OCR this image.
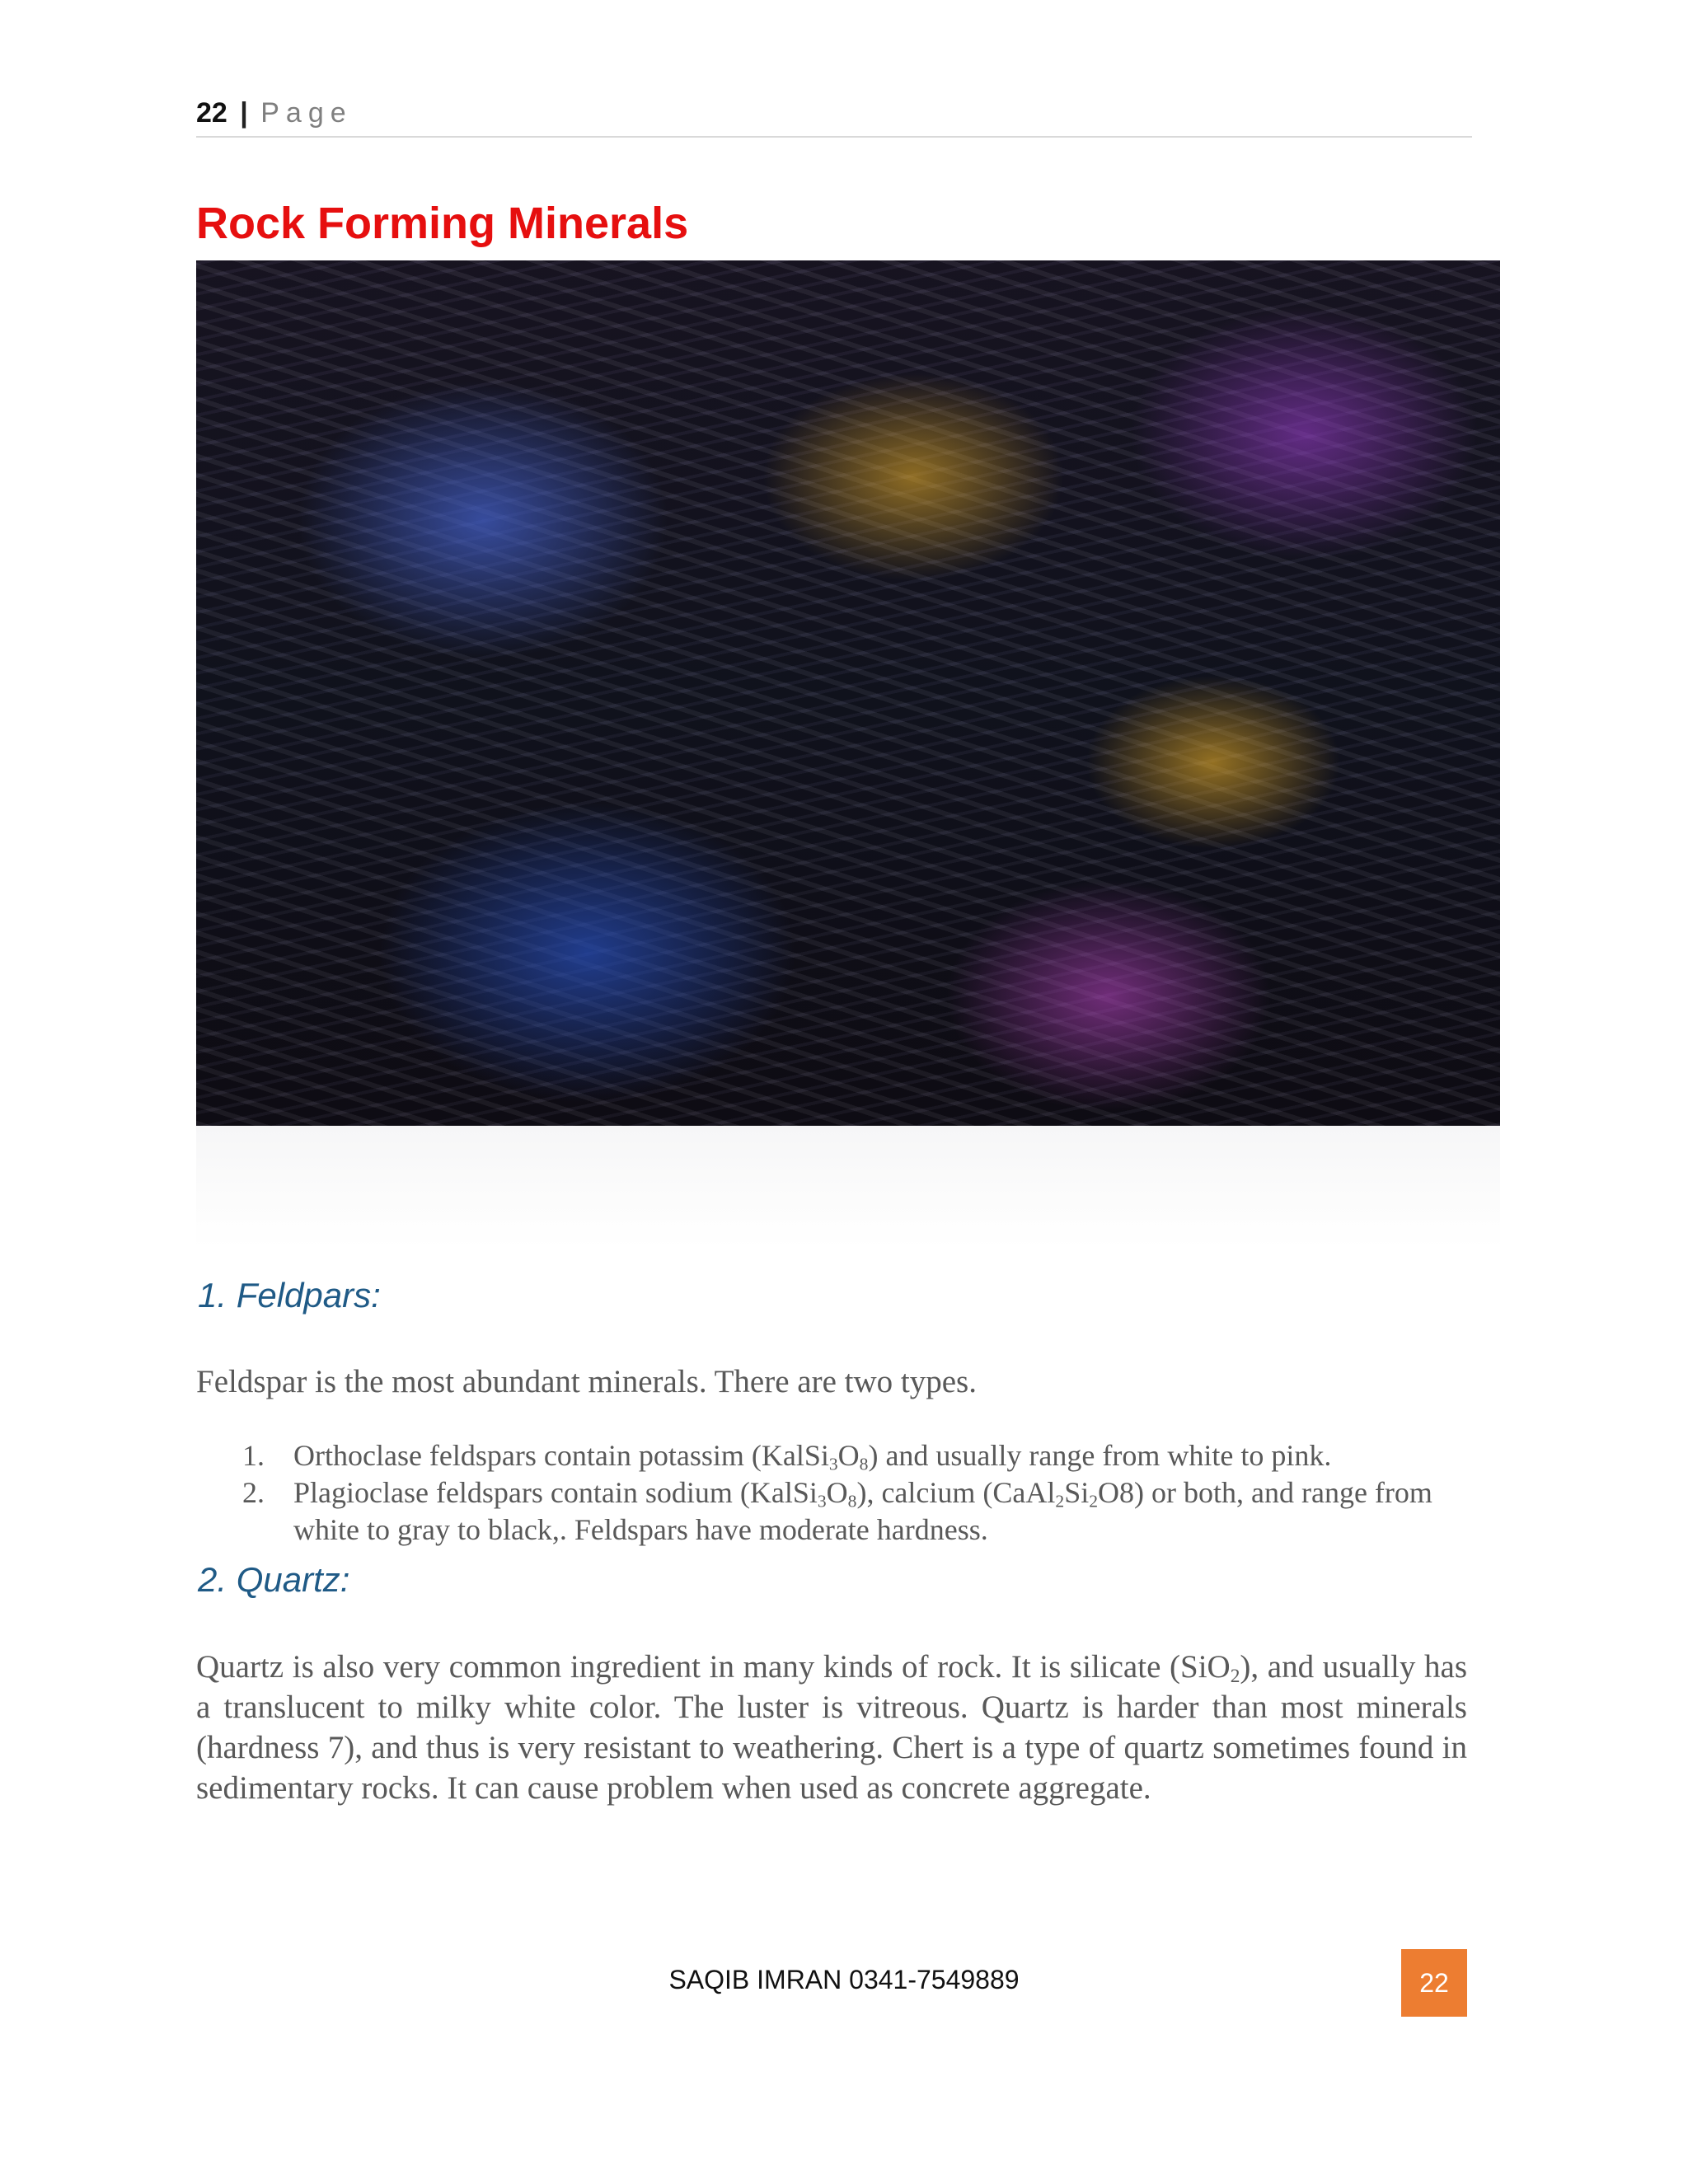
22 | Page
Rock Forming Minerals
1. Feldpars:

Feldspar is the most abundant minerals. There are two types.

1. Orthoclase feldspars contain potassim $(KalSi_3O_8)$ and usually range from white to pink.
2. Plagioclase feldspars contain sodium $(KalSi_3O_8)$, calcium $(CaAl_2Si_2O8)$ or both, and range from white to gray to black,. Feldspars have moderate hardness.
2. Quartz:

Quartz is also very common ingredient in many kinds of rock. It is silicate (SiO$_2$), and usually has a translucent to milky white color. The luster is vitreous. Quartz is harder than most minerals (hardness 7), and thus is very resistant to weathering. Chert is a type of quartz sometimes found in sedimentary rocks. It can cause problem when used as concrete aggregate.

SAQIB IMRAN 0341-7549889	22
